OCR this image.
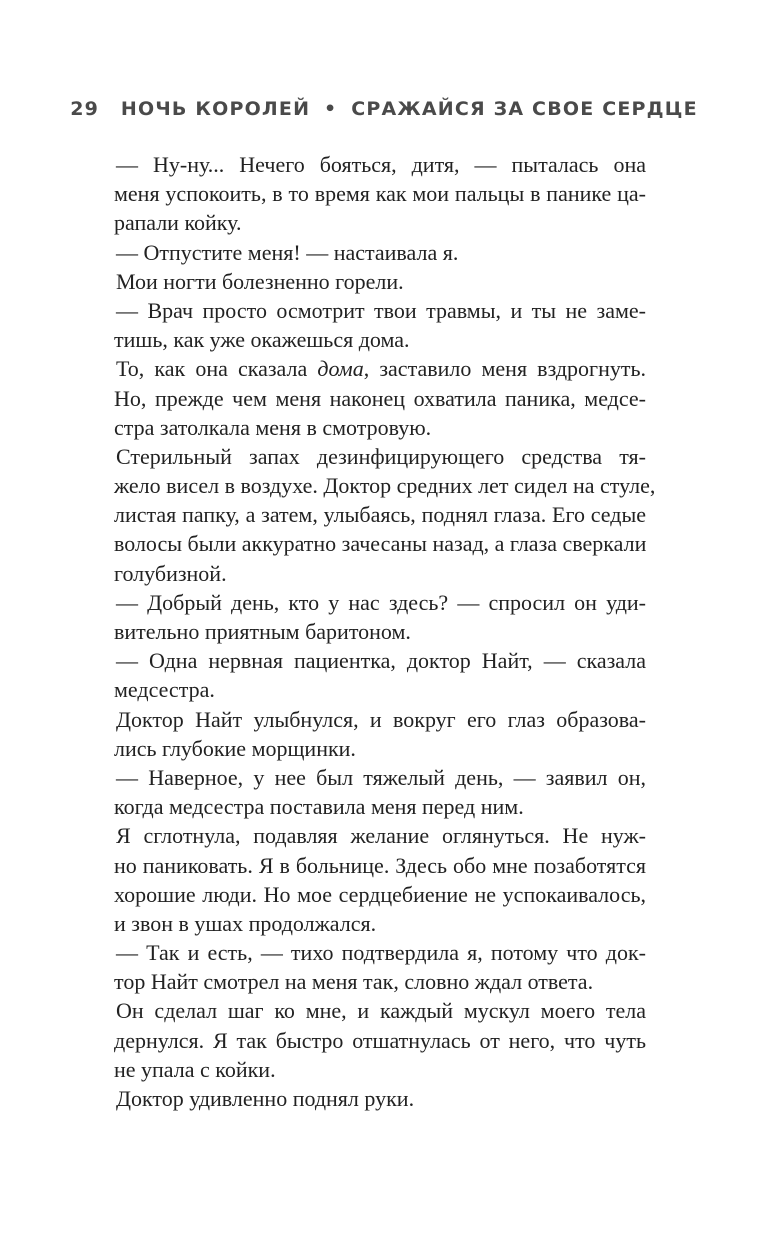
29 НОЧЬ КОРОЛЕЙ • СРАЖАЙСЯ ЗА СВОЕ СЕРДЦЕ
— Ну-ну... Нечего бояться, дитя, — пыталась она
меня успокоить, в то время как мои пальцы в панике ца-
рапали койку.
— Отпустите меня! — настаивала я.
Мои ногти болезненно горели.
— Врач просто осмотрит твои травмы, и ты не заме-
тишь, как уже окажешься дома.
То, как она сказала дома, заставило меня вздрогнуть.
Но, прежде чем меня наконец охватила паника, медсе-
стра затолкала меня в смотровую.
Стерильный запах дезинфицирующего средства тя-
жело висел в воздухе. Доктор средних лет сидел на стуле,
листая папку, а затем, улыбаясь, поднял глаза. Его седые
волосы были аккуратно зачесаны назад, а глаза сверкали
голубизной.
— Добрый день, кто у нас здесь? — спросил он уди-
вительно приятным баритоном.
— Одна нервная пациентка, доктор Найт, — сказала
медсестра.
Доктор Найт улыбнулся, и вокруг его глаз образова-
лись глубокие морщинки.
— Наверное, у нее был тяжелый день, — заявил он,
когда медсестра поставила меня перед ним.
Я сглотнула, подавляя желание оглянуться. Не нуж-
но паниковать. Я в больнице. Здесь обо мне позаботятся
хорошие люди. Но мое сердцебиение не успокаивалось,
и звон в ушах продолжался.
— Так и есть, — тихо подтвердила я, потому что док-
тор Найт смотрел на меня так, словно ждал ответа.
Он сделал шаг ко мне, и каждый мускул моего тела
дернулся. Я так быстро отшатнулась от него, что чуть
не упала с койки.
Доктор удивленно поднял руки.
